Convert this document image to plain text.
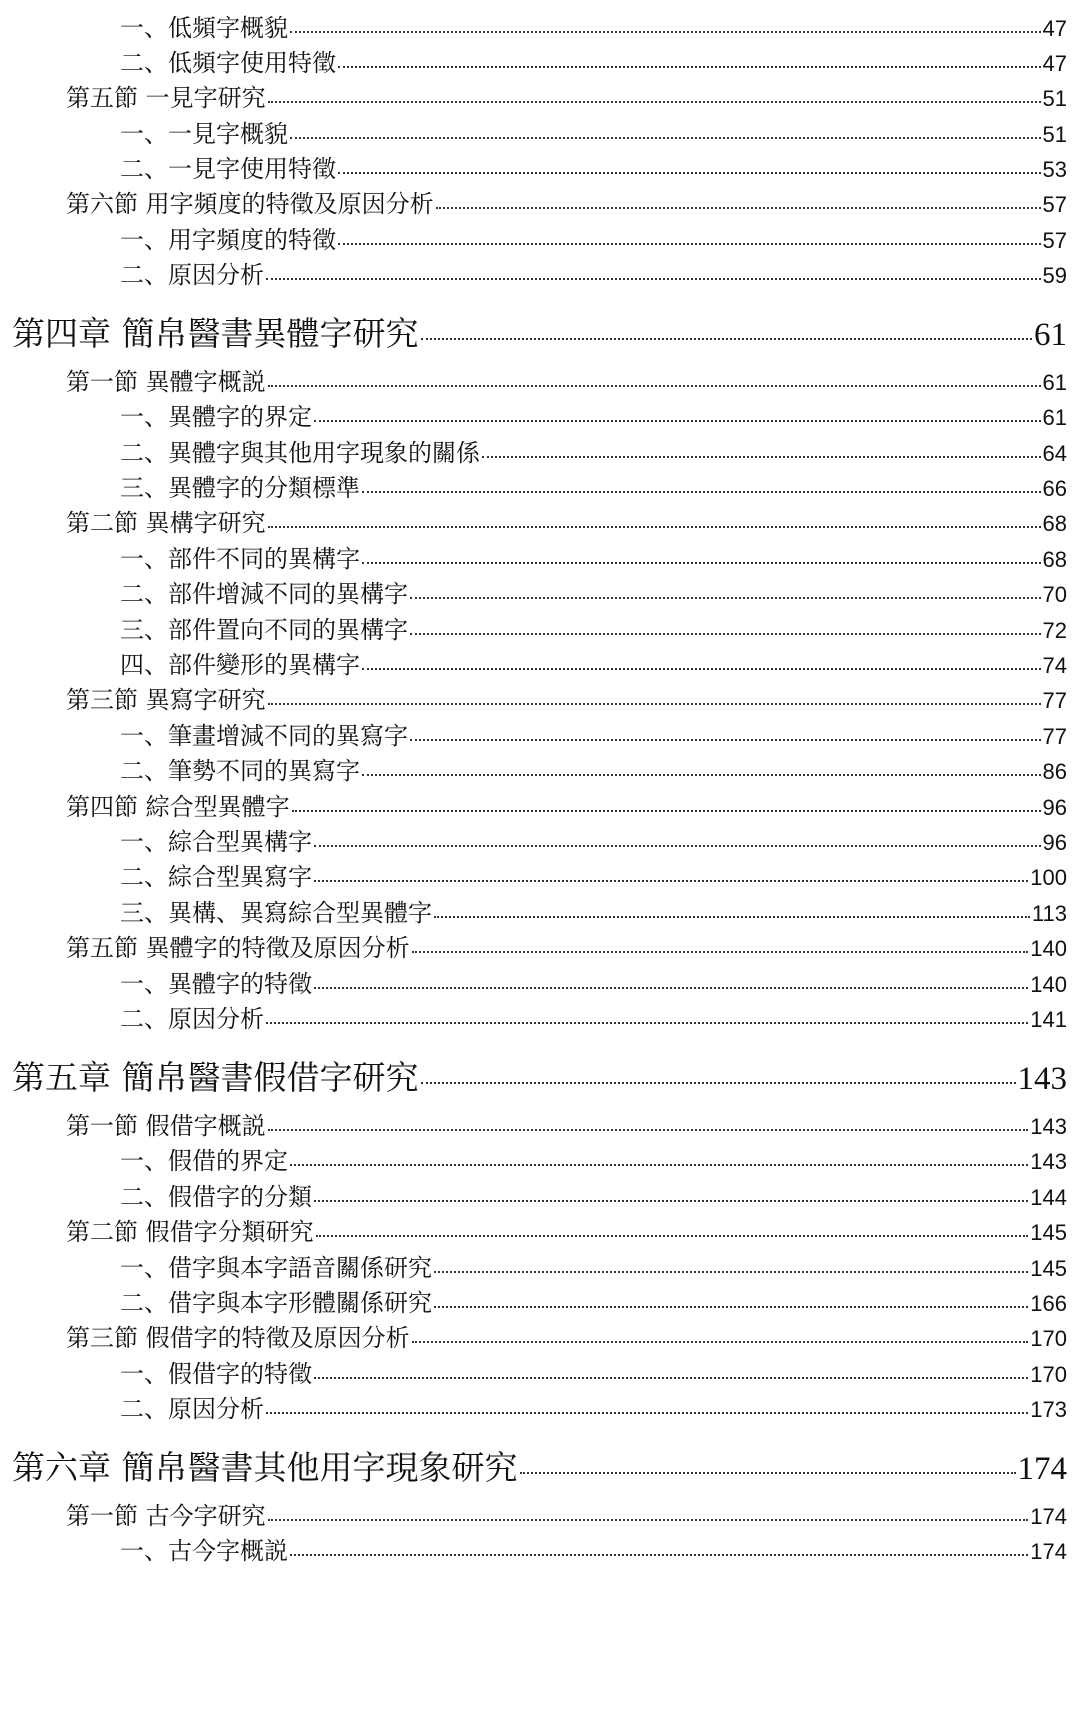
一、低頻字概貌	47
二、低頻字使用特徵	47
第五節 一見字研究	51
一、一見字概貌	51
二、一見字使用特徵	53
第六節 用字頻度的特徵及原因分析	57
一、用字頻度的特徵	57
二、原因分析	59
第四章 簡帛醫書異體字研究	61
第一節 異體字概説	61
一、異體字的界定	61
二、異體字與其他用字現象的關係	64
三、異體字的分類標準	66
第二節 異構字研究	68
一、部件不同的異構字	68
二、部件增減不同的異構字	70
三、部件置向不同的異構字	72
四、部件變形的異構字	74
第三節 異寫字研究	77
一、筆畫增減不同的異寫字	77
二、筆勢不同的異寫字	86
第四節 綜合型異體字	96
一、綜合型異構字	96
二、綜合型異寫字	100
三、異構、異寫綜合型異體字	113
第五節 異體字的特徵及原因分析	140
一、異體字的特徵	140
二、原因分析	141
第五章 簡帛醫書假借字研究	143
第一節 假借字概説	143
一、假借的界定	143
二、假借字的分類	144
第二節 假借字分類研究	145
一、借字與本字語音關係研究	145
二、借字與本字形體關係研究	166
第三節 假借字的特徵及原因分析	170
一、假借字的特徵	170
二、原因分析	173
第六章 簡帛醫書其他用字現象研究	174
第一節 古今字研究	174
一、古今字概説	174
